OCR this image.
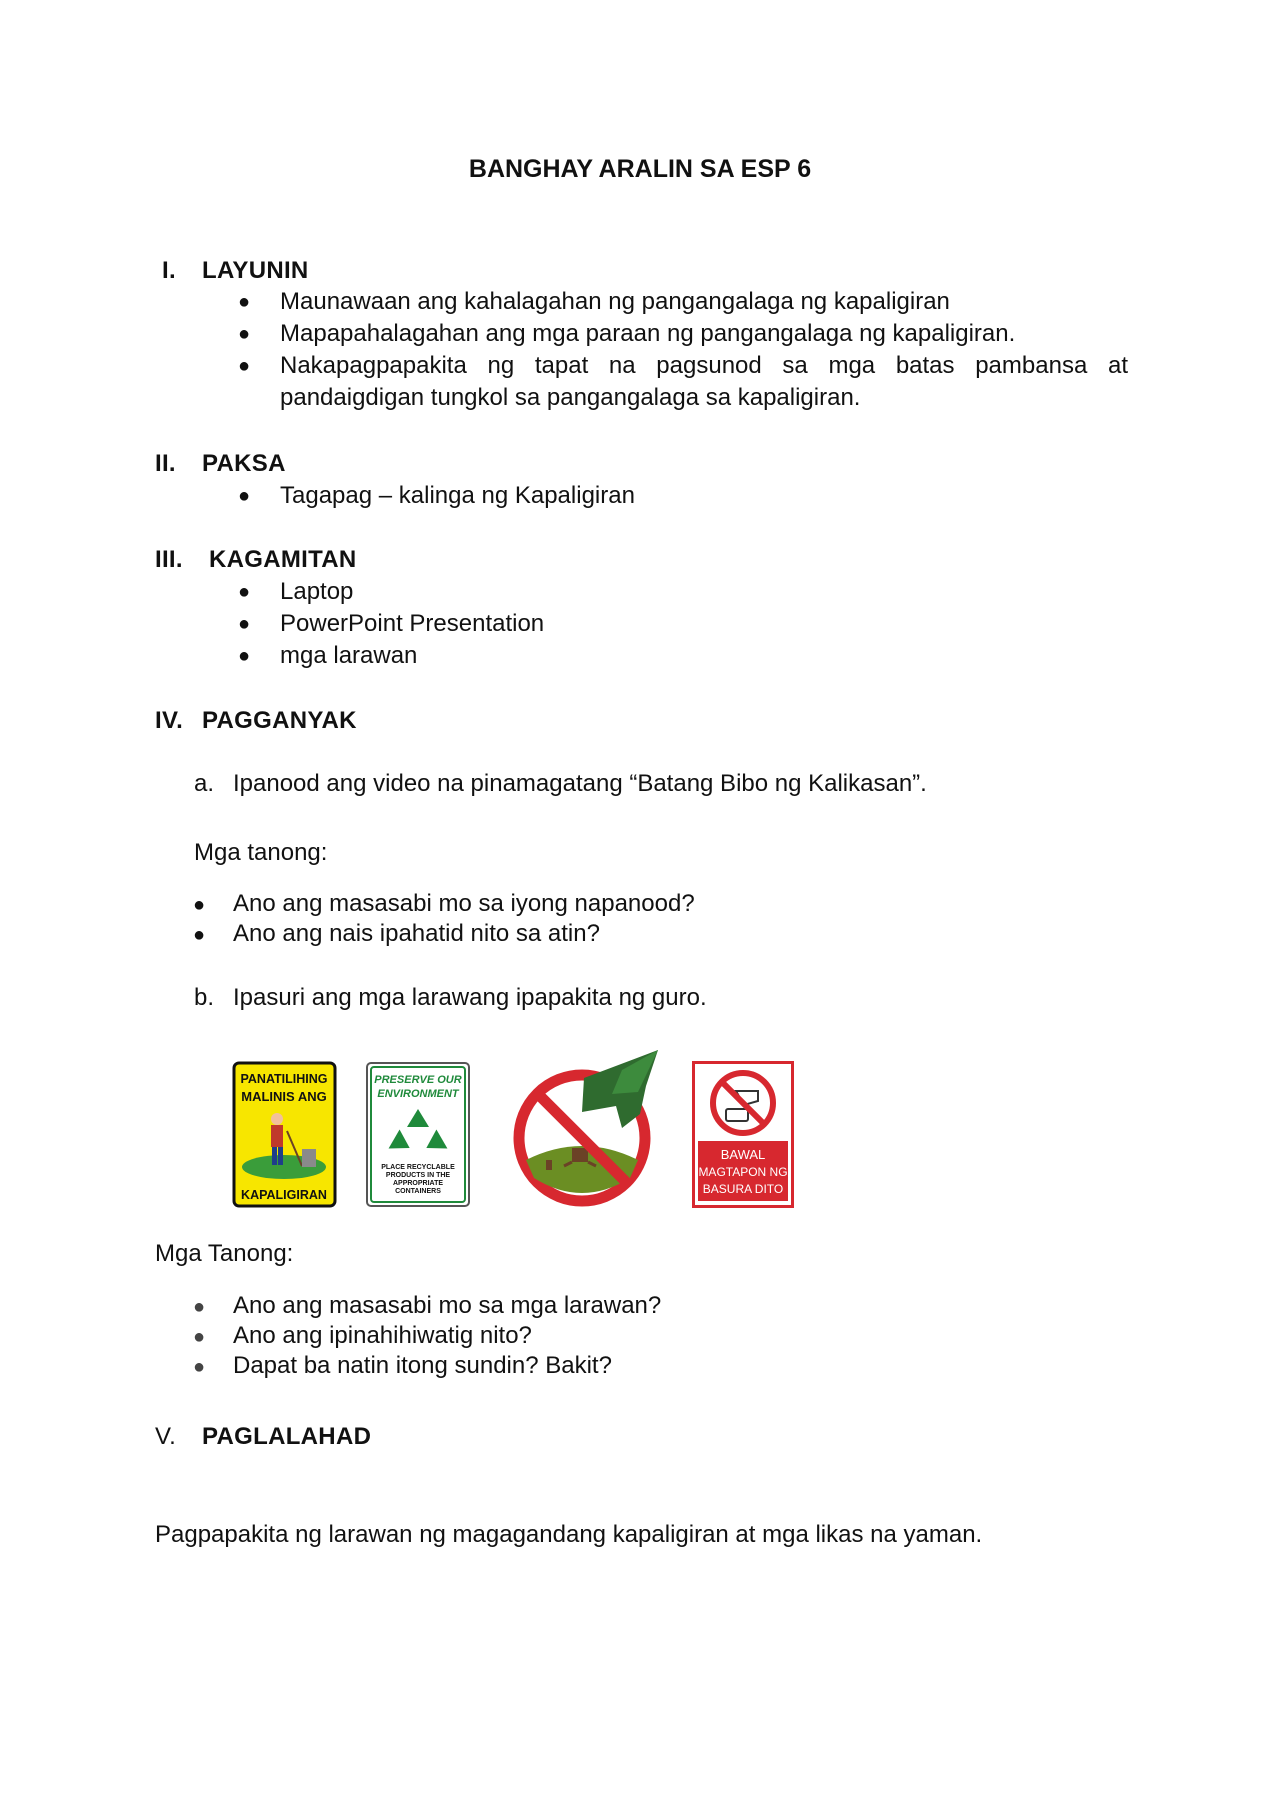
BANGHAY ARALIN SA ESP 6
I. LAYUNIN
● Maunawaan ang kahalagahan ng pangangalaga ng kapaligiran
● Mapapahalagahan ang mga paraan ng pangangalaga ng kapaligiran.
● Nakapagpapakita ng tapat na pagsunod sa mga batas pambansa at
pandaigdigan tungkol sa pangangalaga sa kapaligiran.
II. PAKSA
● Tagapag – kalinga ng Kapaligiran
III. KAGAMITAN
● Laptop
● PowerPoint Presentation
● mga larawan
IV. PAGGANYAK
a. Ipanood ang video na pinamagatang “Batang Bibo ng Kalikasan”.
Mga tanong:
● Ano ang masasabi mo sa iyong napanood?
● Ano ang nais ipahatid nito sa atin?
b. Ipasuri ang mga larawang ipapakita ng guro.
PANATILIHING
MALINIS ANG
KAPALIGIRAN
PRESERVE OUR
ENVIRONMENT
PLACE RECYCLABLE
PRODUCTS IN THE
APPROPRIATE
CONTAINERS
BAWAL
MAGTAPON NG
BASURA DITO
Mga Tanong:
● Ano ang masasabi mo sa mga larawan?
● Ano ang ipinahihiwatig nito?
● Dapat ba natin itong sundin? Bakit?
V. PAGLALAHAD
Pagpapakita ng larawan ng magagandang kapaligiran at mga likas na yaman.
